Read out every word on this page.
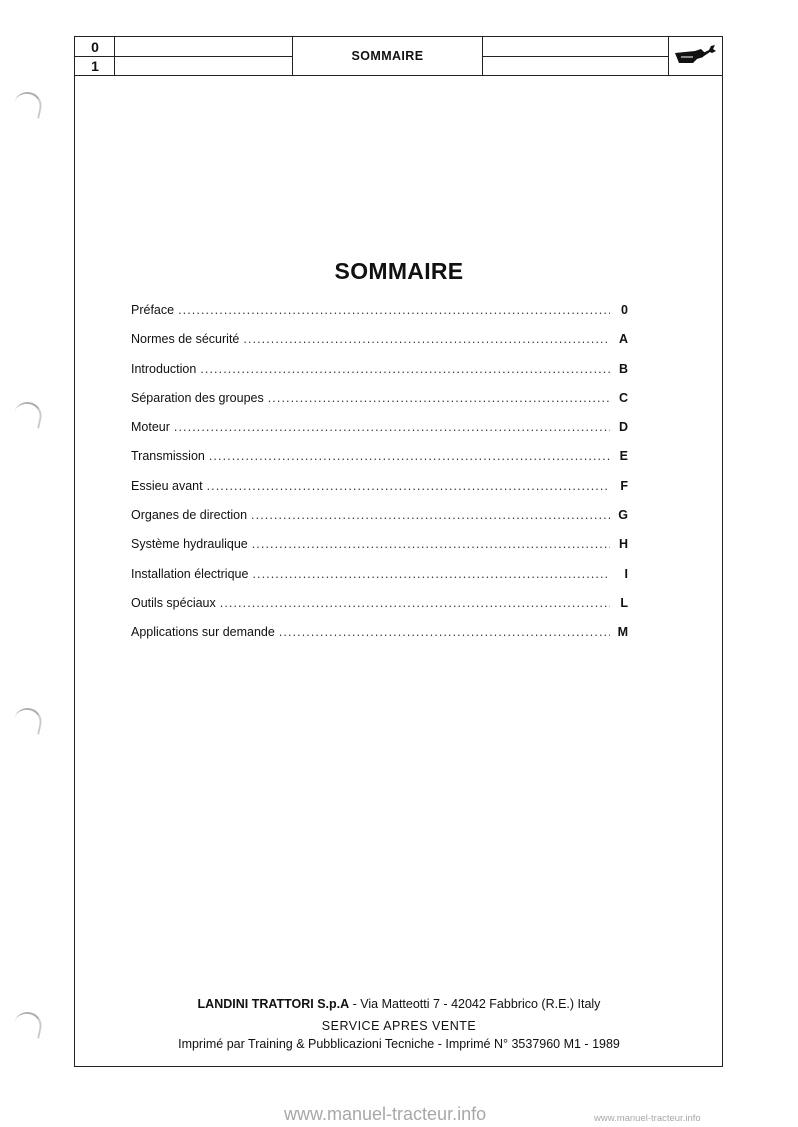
0
1
SOMMAIRE
SOMMAIRE
Préface .....	0
Normes de sécurité .....	A
Introduction .....	B
Séparation des groupes .....	C
Moteur .....	D
Transmission .....	E
Essieu avant .....	F
Organes de direction .....	G
Système hydraulique .....	H
Installation électrique .....	I
Outils spéciaux .....	L
Applications sur demande .....	M
LANDINI TRATTORI S.p.A - Via Matteotti 7 - 42042 Fabbrico (R.E.) Italy
SERVICE APRES VENTE
Imprimé par Training & Pubblicazioni Tecniche - Imprimé N° 3537960 M1 - 1989
www.manuel-tracteur.info	www.manuel-tracteur.info
